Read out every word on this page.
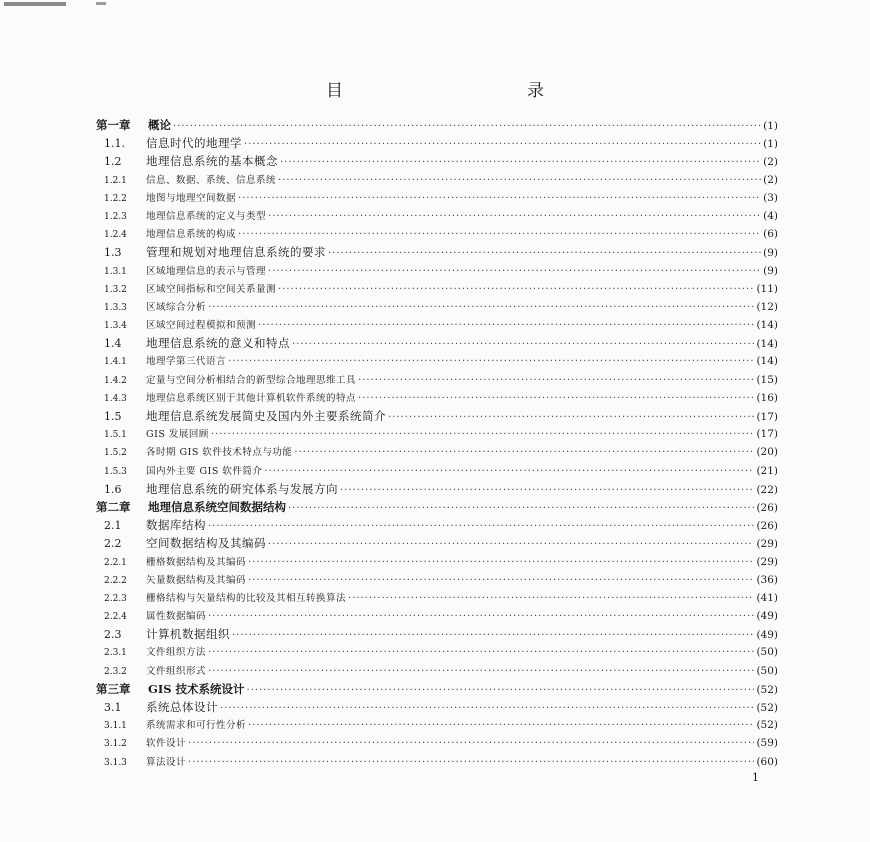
目　　录
第一章	概论 ·····	(1)
1.1.	信息时代的地理学 ·····	(1)
1.2	地理信息系统的基本概念 ·····	(2)
1.2.1	信息、数据、系统、信息系统 ·····	(2)
1.2.2	地图与地理空间数据 ·····	(3)
1.2.3	地理信息系统的定义与类型 ·····	(4)
1.2.4	地理信息系统的构成 ·····	(6)
1.3	管理和规划对地理信息系统的要求 ·····	(9)
1.3.1	区域地理信息的表示与管理 ·····	(9)
1.3.2	区域空间指标和空间关系量测 ·····	(11)
1.3.3	区域综合分析 ·····	(12)
1.3.4	区域空间过程模拟和预测 ·····	(14)
1.4	地理信息系统的意义和特点 ·····	(14)
1.4.1	地理学第三代语言 ·····	(14)
1.4.2	定量与空间分析相结合的新型综合地理思维工具 ·····	(15)
1.4.3	地理信息系统区别于其他计算机软件系统的特点 ·····	(16)
1.5	地理信息系统发展简史及国内外主要系统简介 ·····	(17)
1.5.1	GIS 发展回顾 ·····	(17)
1.5.2	各时期 GIS 软件技术特点与功能 ·····	(20)
1.5.3	国内外主要 GIS 软件简介 ·····	(21)
1.6	地理信息系统的研究体系与发展方向 ·····	(22)
第二章	地理信息系统空间数据结构 ·····	(26)
2.1	数据库结构 ·····	(26)
2.2	空间数据结构及其编码 ·····	(29)
2.2.1	栅格数据结构及其编码 ·····	(29)
2.2.2	矢量数据结构及其编码 ·····	(36)
2.2.3	栅格结构与矢量结构的比较及其相互转换算法 ·····	(41)
2.2.4	属性数据编码 ·····	(49)
2.3	计算机数据组织 ·····	(49)
2.3.1	文件组织方法 ·····	(50)
2.3.2	文件组织形式 ·····	(50)
第三章	GIS 技术系统设计 ·····	(52)
3.1	系统总体设计 ·····	(52)
3.1.1	系统需求和可行性分析 ·····	(52)
3.1.2	软件设计 ·····	(59)
3.1.3	算法设计 ·····	(60)
1
